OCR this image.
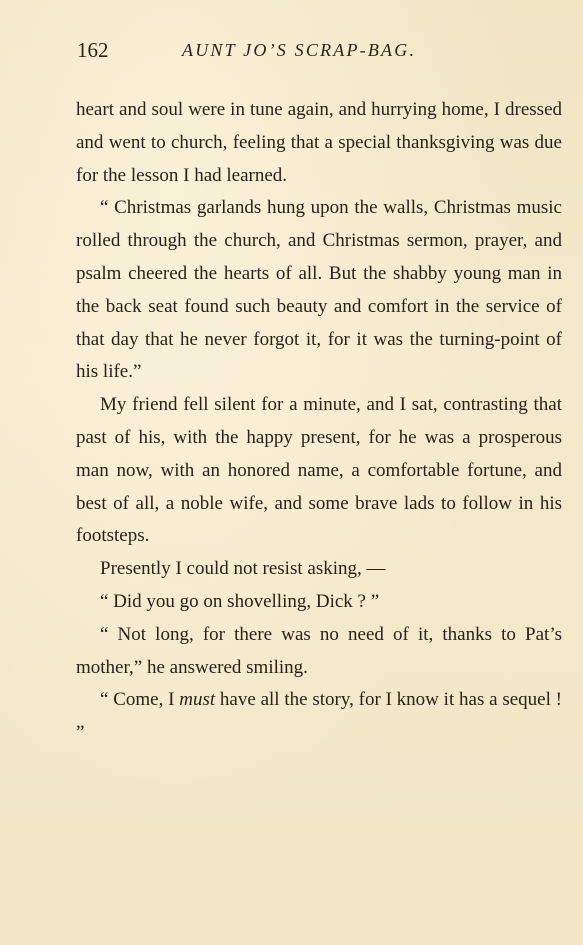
162	AUNT JO’S SCRAP-BAG.

heart and soul were in tune again, and hurrying home, I dressed and went to church, feeling that a special thanksgiving was due for the lesson I had learned.

“ Christmas garlands hung upon the walls, Christmas music rolled through the church, and Christmas sermon, prayer, and psalm cheered the hearts of all. But the shabby young man in the back seat found such beauty and comfort in the service of that day that he never forgot it, for it was the turning-point of his life.”

My friend fell silent for a minute, and I sat, contrasting that past of his, with the happy present, for he was a prosperous man now, with an honored name, a comfortable fortune, and best of all, a noble wife, and some brave lads to follow in his footsteps.

Presently I could not resist asking, —

“ Did you go on shovelling, Dick ? ”

“ Not long, for there was no need of it, thanks to Pat’s mother,” he answered smiling.

“ Come, I must have all the story, for I know it has a sequel ! ”
